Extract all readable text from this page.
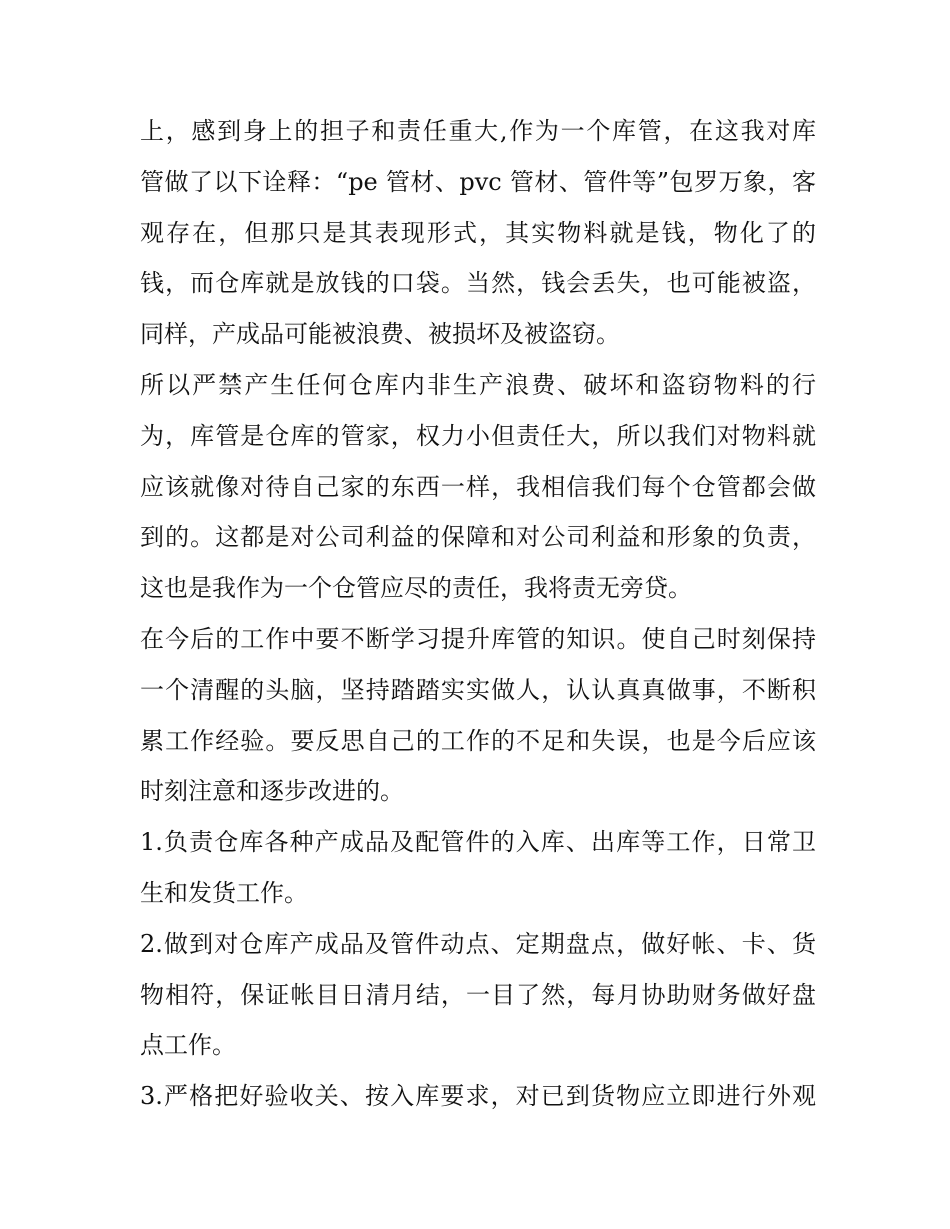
上，感到身上的担子和责任重大,作为一个库管，在这我对库
管做了以下诠释：“pe 管材、pvc 管材、管件等”包罗万象，客
观存在，但那只是其表现形式，其实物料就是钱，物化了的
钱，而仓库就是放钱的口袋。当然，钱会丢失，也可能被盗，
同样，产成品可能被浪费、被损坏及被盗窃。
所以严禁产生任何仓库内非生产浪费、破坏和盗窃物料的行
为，库管是仓库的管家，权力小但责任大，所以我们对物料就
应该就像对待自己家的东西一样，我相信我们每个仓管都会做
到的。这都是对公司利益的保障和对公司利益和形象的负责，
这也是我作为一个仓管应尽的责任，我将责无旁贷。
在今后的工作中要不断学习提升库管的知识。使自己时刻保持
一个清醒的头脑，坚持踏踏实实做人，认认真真做事，不断积
累工作经验。要反思自己的工作的不足和失误，也是今后应该
时刻注意和逐步改进的。
1.负责仓库各种产成品及配管件的入库、出库等工作，日常卫
生和发货工作。
2.做到对仓库产成品及管件动点、定期盘点，做好帐、卡、货
物相符，保证帐目日清月结，一目了然，每月协助财务做好盘
点工作。
3.严格把好验收关、按入库要求，对已到货物应立即进行外观
